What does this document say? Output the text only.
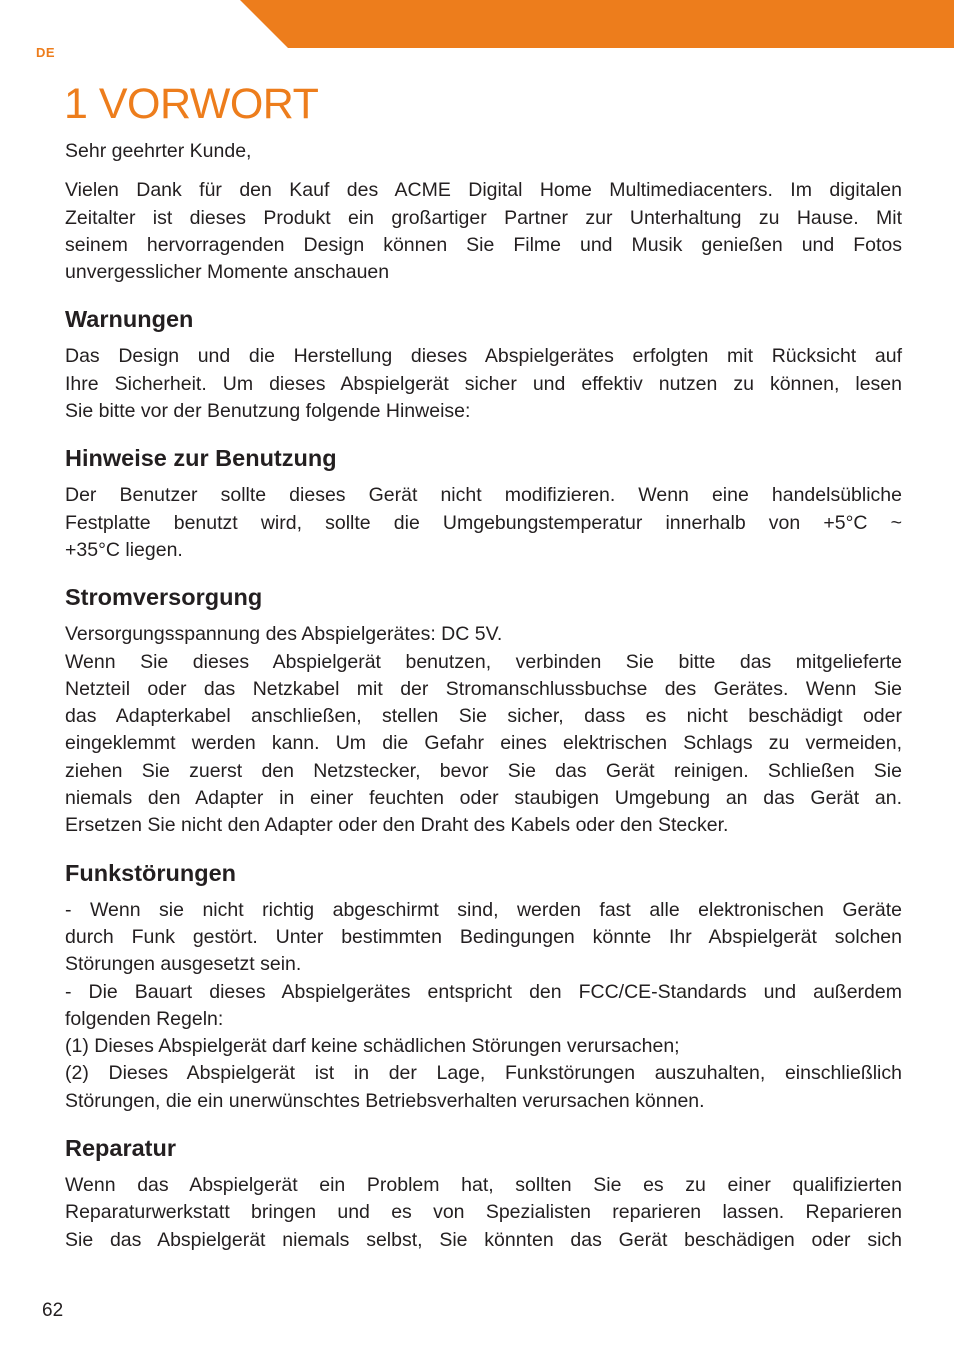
DE
1 VORWORT

Sehr geehrter Kunde,

Vielen Dank für den Kauf des ACME Digital Home Multimediacenters. Im digitalen
Zeitalter ist dieses Produkt ein großartiger Partner zur Unterhaltung zu Hause. Mit
seinem hervorragenden Design können Sie Filme und Musik genießen und Fotos
unvergesslicher Momente anschauen

Warnungen

Das Design und die Herstellung dieses Abspielgerätes erfolgten mit Rücksicht auf
Ihre Sicherheit. Um dieses Abspielgerät sicher und effektiv nutzen zu können, lesen
Sie bitte vor der Benutzung folgende Hinweise:

Hinweise zur Benutzung

Der Benutzer sollte dieses Gerät nicht modifizieren. Wenn eine handelsübliche
Festplatte benutzt wird, sollte die Umgebungstemperatur innerhalb von +5°C ~
+35°C liegen.

Stromversorgung

Versorgungsspannung des Abspielgerätes: DC 5V.
Wenn Sie dieses Abspielgerät benutzen, verbinden Sie bitte das mitgelieferte
Netzteil oder das Netzkabel mit der Stromanschlussbuchse des Gerätes. Wenn Sie
das Adapterkabel anschließen, stellen Sie sicher, dass es nicht beschädigt oder
eingeklemmt werden kann. Um die Gefahr eines elektrischen Schlags zu vermeiden,
ziehen Sie zuerst den Netzstecker, bevor Sie das Gerät reinigen. Schließen Sie
niemals den Adapter in einer feuchten oder staubigen Umgebung an das Gerät an.
Ersetzen Sie nicht den Adapter oder den Draht des Kabels oder den Stecker.

Funkstörungen

- Wenn sie nicht richtig abgeschirmt sind, werden fast alle elektronischen Geräte
durch Funk gestört. Unter bestimmten Bedingungen könnte Ihr Abspielgerät solchen
Störungen ausgesetzt sein.
- Die Bauart dieses Abspielgerätes entspricht den FCC/CE-Standards und außerdem
folgenden Regeln:
(1) Dieses Abspielgerät darf keine schädlichen Störungen verursachen;
(2) Dieses Abspielgerät ist in der Lage, Funkstörungen auszuhalten, einschließlich
Störungen, die ein unerwünschtes Betriebsverhalten verursachen können.

Reparatur

Wenn das Abspielgerät ein Problem hat, sollten Sie es zu einer qualifizierten
Reparaturwerkstatt bringen und es von Spezialisten reparieren lassen. Reparieren
Sie das Abspielgerät niemals selbst, Sie könnten das Gerät beschädigen oder sich

62
